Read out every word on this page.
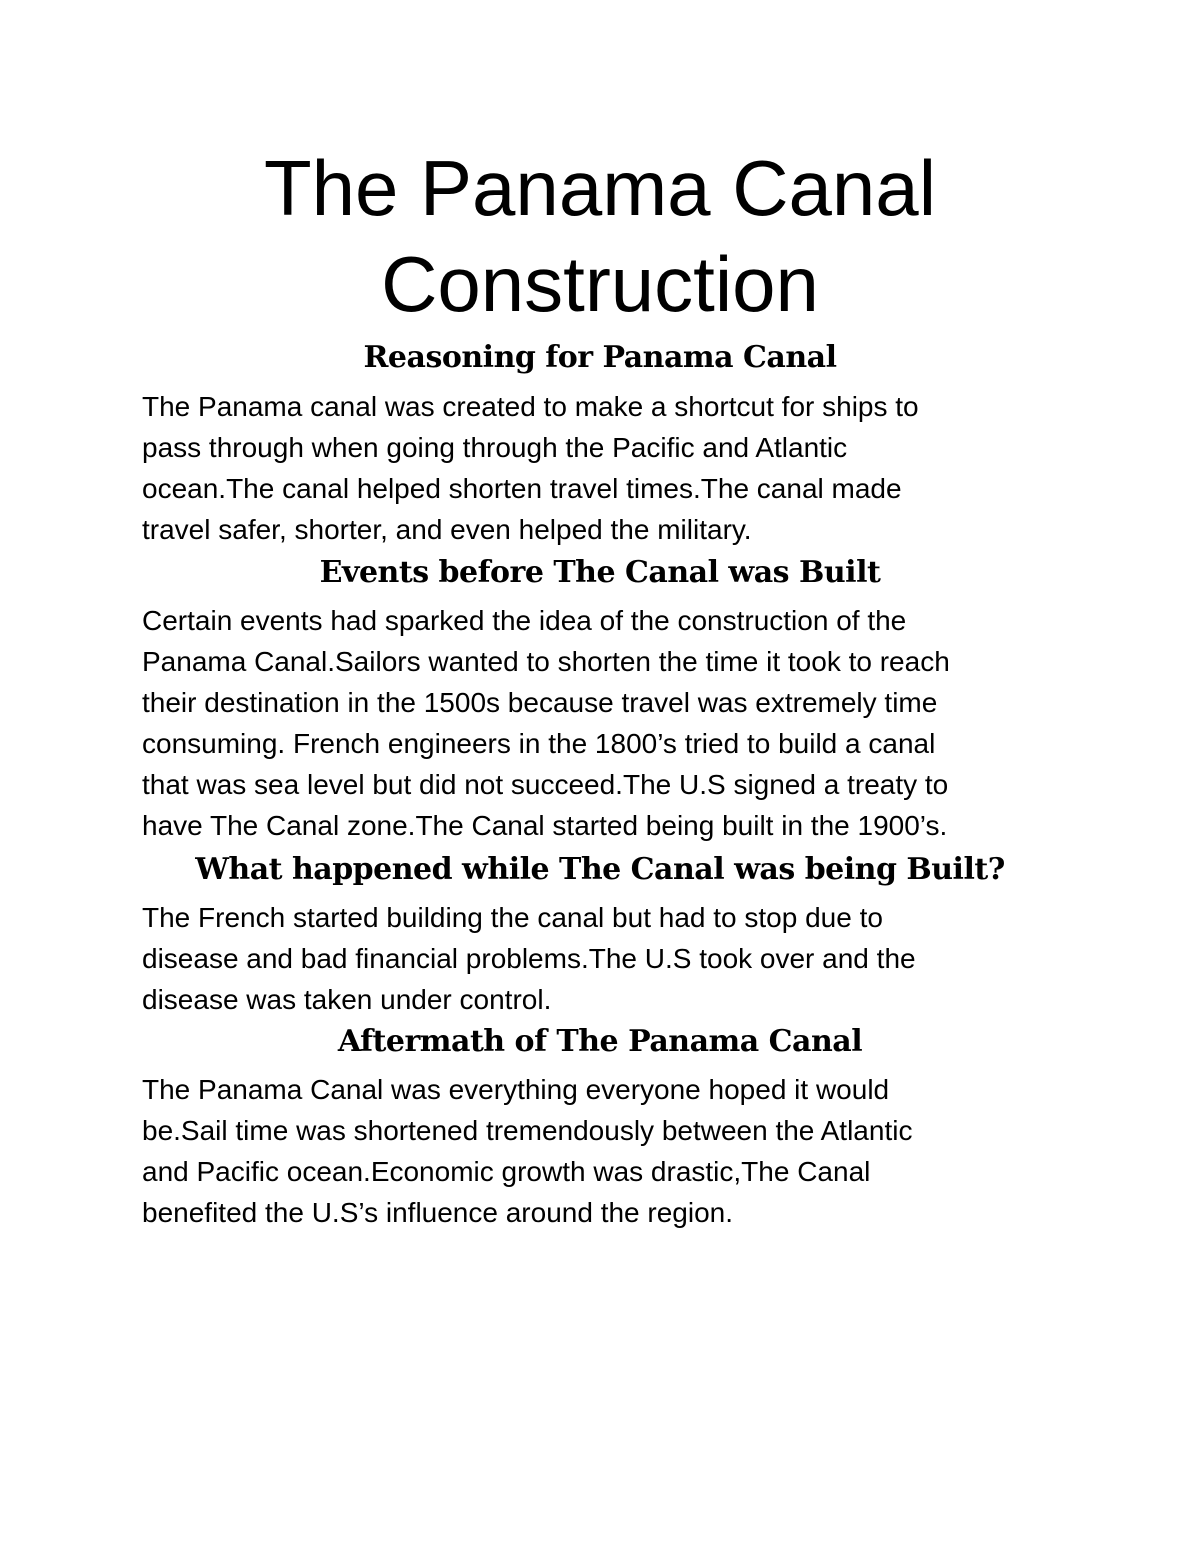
The Panama Canal
Construction
Reasoning for Panama Canal

The Panama canal was created to make a shortcut for ships to
pass through when going through the Pacific and Atlantic
ocean.The canal helped shorten travel times.The canal made
travel safer, shorter, and even helped the military.

Events before The Canal was Built

Certain events had sparked the idea of the construction of the
Panama Canal.Sailors wanted to shorten the time it took to reach
their destination in the 1500s because travel was extremely time
consuming. French engineers in the 1800’s tried to build a canal
that was sea level but did not succeed.The U.S signed a treaty to
have The Canal zone.The Canal started being built in the 1900’s.

What happened while The Canal was being Built?

The French started building the canal but had to stop due to
disease and bad financial problems.The U.S took over and the
disease was taken under control.

Aftermath of The Panama Canal

The Panama Canal was everything everyone hoped it would
be.Sail time was shortened tremendously between the Atlantic
and Pacific ocean.Economic growth was drastic,The Canal
benefited the U.S’s influence around the region.
